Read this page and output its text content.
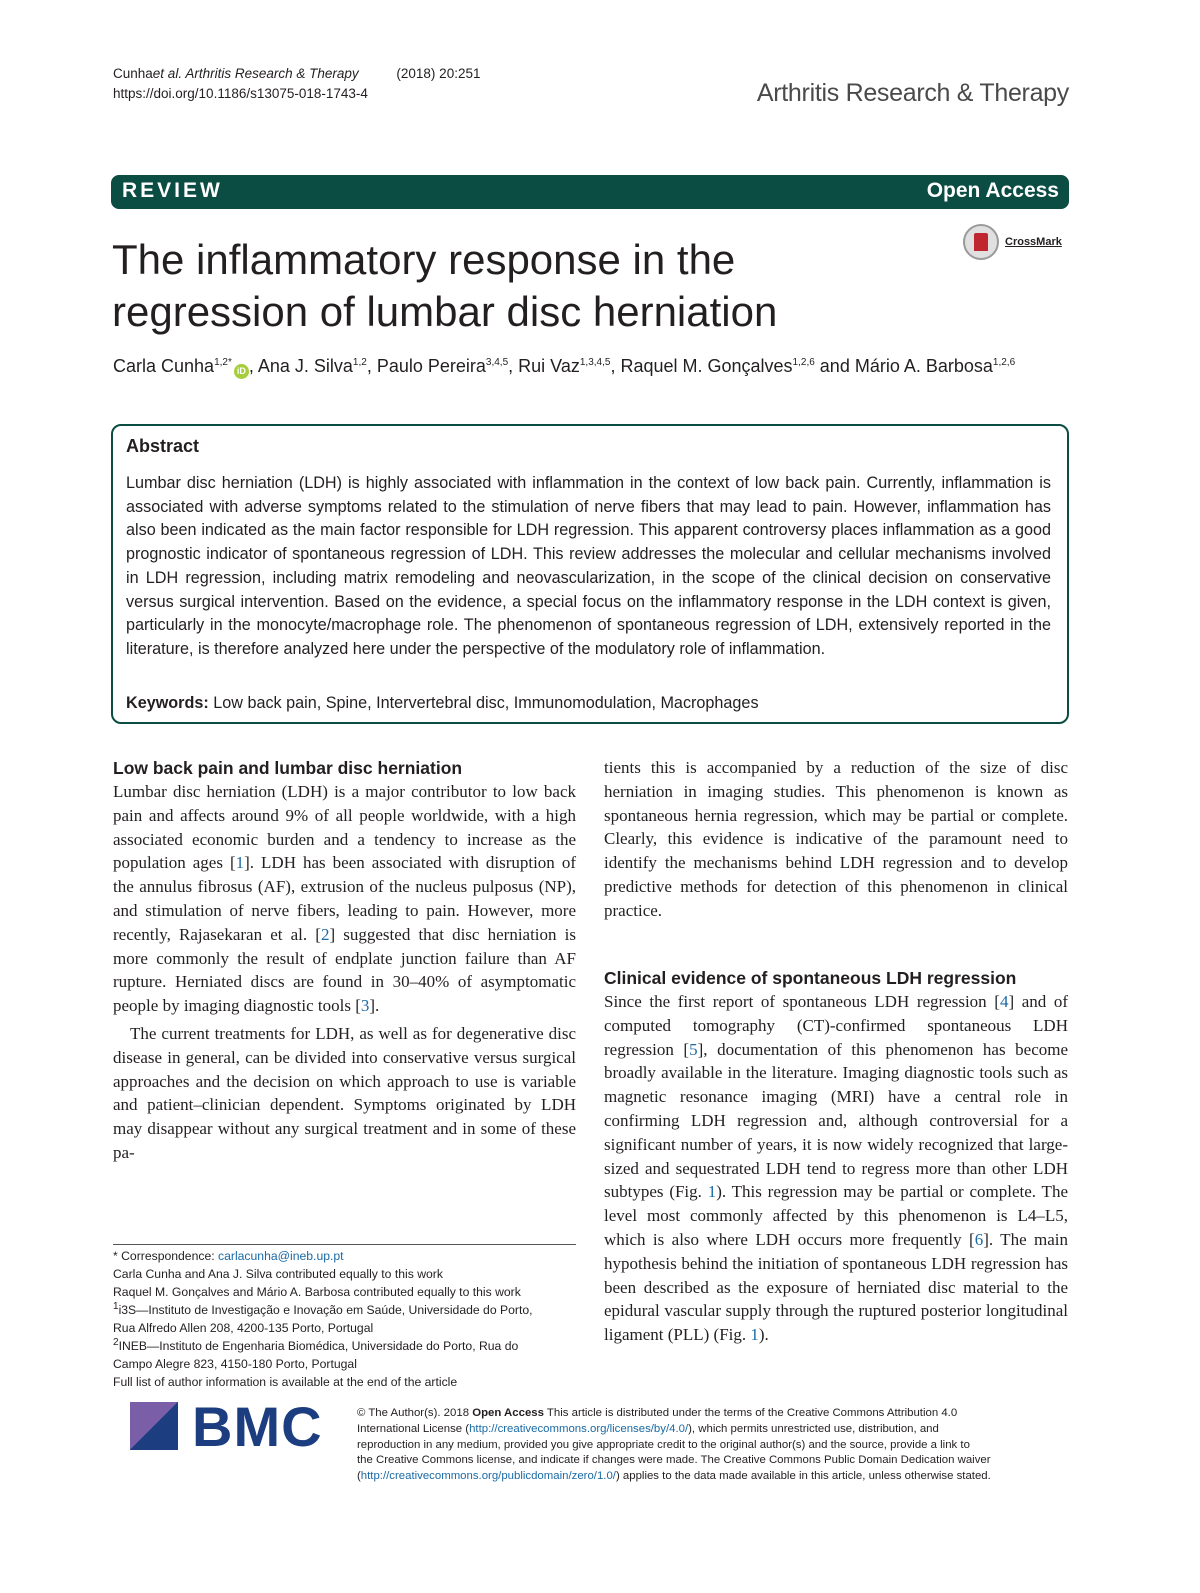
Cunhaet al. Arthritis Research & Therapy	(2018) 20:251
https://doi.org/10.1186/s13075-018-1743-4	Arthritis Research & Therapy
REVIEW	Open Access
The inflammatory response in the
regression of lumbar disc herniation
CrossMark
Carla Cunha$^{1,2*}$iD , Ana J. Silva$^{1,2}$, Paulo Pereira$^{3,4,5}$, Rui Vaz$^{1,3,4,5}$, Raquel M. Gonçalves$^{1,2,6}$ and Mário A. Barbosa$^{1,2,6}$
Abstract
Lumbar disc herniation (LDH) is highly associated with inflammation in the context of low back pain. Currently, inflammation is associated with adverse symptoms related to the stimulation of nerve fibers that may lead to pain. However, inflammation has also been indicated as the main factor responsible for LDH regression. This apparent controversy places inflammation as a good prognostic indicator of spontaneous regression of LDH. This review addresses the molecular and cellular mechanisms involved in LDH regression, including matrix remodeling and neovascularization, in the scope of the clinical decision on conservative versus surgical intervention. Based on the evidence, a special focus on the inflammatory response in the LDH context is given, particularly in the monocyte/macrophage role. The phenomenon of spontaneous regression of LDH, extensively reported in the literature, is therefore analyzed here under the perspective of the modulatory role of inflammation.
Keywords: Low back pain, Spine, Intervertebral disc, Immunomodulation, Macrophages
Low back pain and lumbar disc herniation

Lumbar disc herniation (LDH) is a major contributor to low back pain and affects around 9% of all people worldwide, with a high associated economic burden and a tendency to increase as the population ages [1]. LDH has been associated with disruption of the annulus fibrosus (AF), extrusion of the nucleus pulposus (NP), and stimulation of nerve fibers, leading to pain. However, more recently, Rajasekaran et al. [2] suggested that disc herniation is more commonly the result of endplate junction failure than AF rupture. Herniated discs are found in 30–40% of asymptomatic people by imaging diagnostic tools [3].

The current treatments for LDH, as well as for degenerative disc disease in general, can be divided into conservative versus surgical approaches and the decision on which approach to use is variable and patient–clinician dependent. Symptoms originated by LDH may disappear without any surgical treatment and in some of these pa-

tients this is accompanied by a reduction of the size of disc herniation in imaging studies. This phenomenon is known as spontaneous hernia regression, which may be partial or complete. Clearly, this evidence is indicative of the paramount need to identify the mechanisms behind LDH regression and to develop predictive methods for detection of this phenomenon in clinical practice.

Clinical evidence of spontaneous LDH regression

Since the first report of spontaneous LDH regression [4] and of computed tomography (CT)-confirmed spontaneous LDH regression [5], documentation of this phenomenon has become broadly available in the literature. Imaging diagnostic tools such as magnetic resonance imaging (MRI) have a central role in confirming LDH regression and, although controversial for a significant number of years, it is now widely recognized that large-sized and sequestrated LDH tend to regress more than other LDH subtypes (Fig. 1). This regression may be partial or complete. The level most commonly affected by this phenomenon is L4–L5, which is also where LDH occurs more frequently [6]. The main hypothesis behind the initiation of spontaneous LDH regression has been described as the exposure of herniated disc material to the epidural vascular supply through the ruptured posterior longitudinal ligament (PLL) (Fig. 1).

* Correspondence: carlacunha@ineb.up.pt
Carla Cunha and Ana J. Silva contributed equally to this work
Raquel M. Gonçalves and Mário A. Barbosa contributed equally to this work
$^1$i3S—Instituto de Investigação e Inovação em Saúde, Universidade do Porto,
Rua Alfredo Allen 208, 4200-135 Porto, Portugal
$^2$INEB—Instituto de Engenharia Biomédica, Universidade do Porto, Rua do
Campo Alegre 823, 4150-180 Porto, Portugal
Full list of author information is available at the end of the article
BMC	© The Author(s). 2018 Open Access This article is distributed under the terms of the Creative Commons Attribution 4.0
International License (http://creativecommons.org/licenses/by/4.0/), which permits unrestricted use, distribution, and
reproduction in any medium, provided you give appropriate credit to the original author(s) and the source, provide a link to
the Creative Commons license, and indicate if changes were made. The Creative Commons Public Domain Dedication waiver
(http://creativecommons.org/publicdomain/zero/1.0/) applies to the data made available in this article, unless otherwise stated.
